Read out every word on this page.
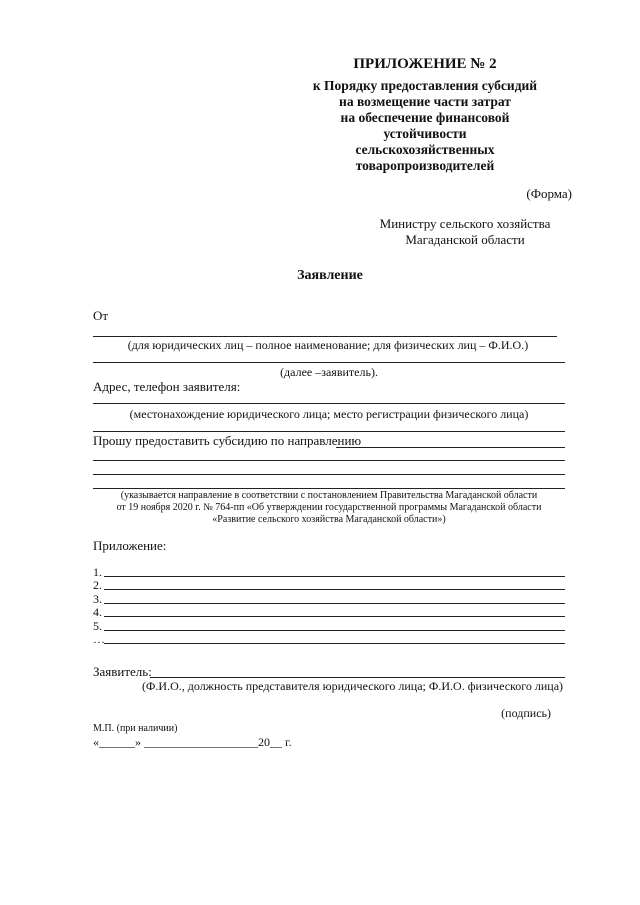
ПРИЛОЖЕНИЕ № 2
к Порядку предоставления субсидий
на возмещение части затрат
на обеспечение финансовой
устойчивости
сельскохозяйственных
товаропроизводителей
(Форма)
Министру сельского хозяйства
Магаданской области
Заявление
От
(для юридических лиц – полное наименование; для физических лиц – Ф.И.О.)
(далее –заявитель).
Адрес, телефон заявителя:
(местонахождение юридического лица; место регистрации физического лица)
Прошу предоставить субсидию по направлению
(указывается направление в соответствии с постановлением Правительства Магаданской области
от 19 ноября 2020 г. № 764-пп «Об утверждении государственной программы Магаданской области
«Развитие сельского хозяйства Магаданской области»)
Приложение:
1.
2.
3.
4.
5.
…
Заявитель:
(Ф.И.О., должность представителя юридического лица; Ф.И.О. физического лица)
(подпись)
М.П. (при наличии)
«______» ___________________20__ г.
